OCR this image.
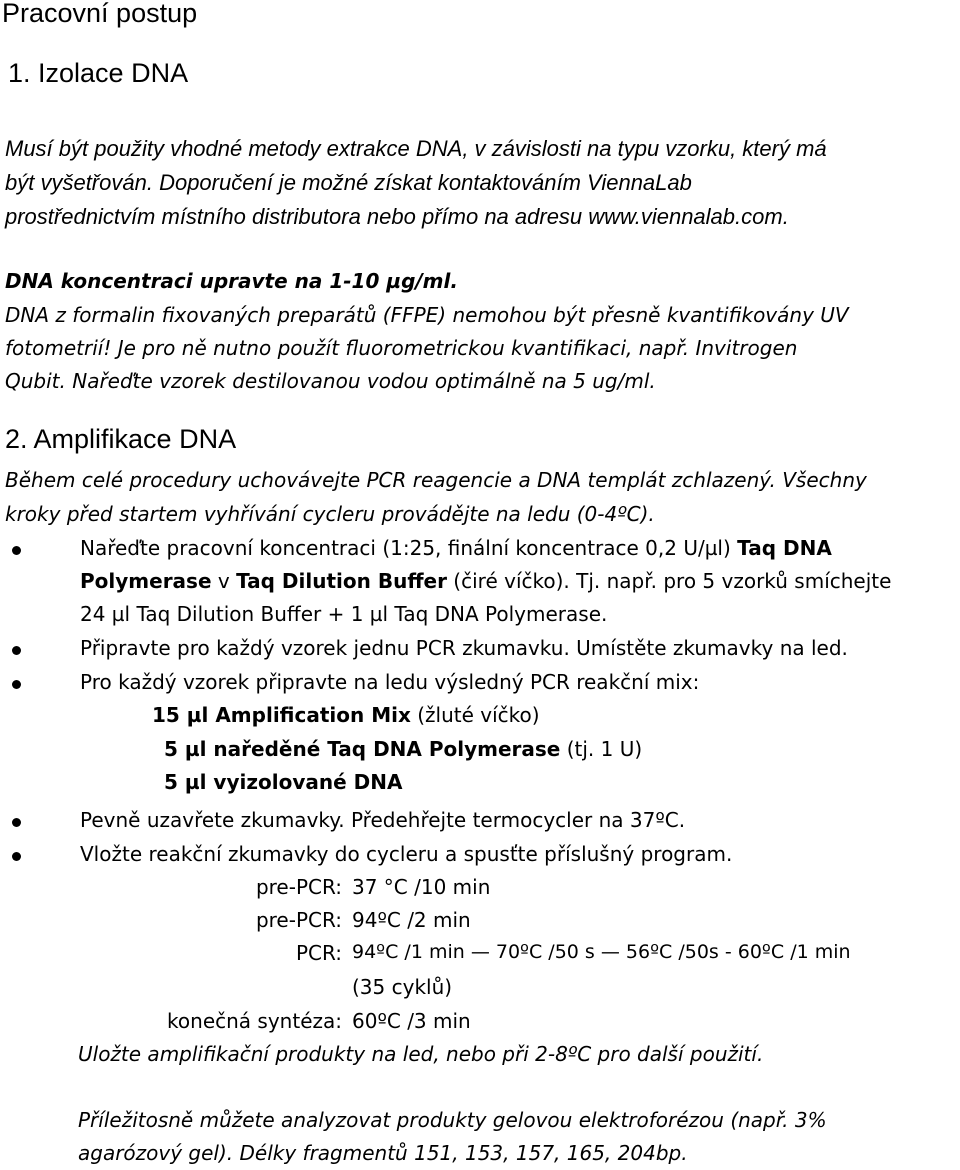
Pracovní postup
1. Izolace DNA
Musí být použity vhodné metody extrakce DNA, v závislosti na typu vzorku, který má
být vyšetřován. Doporučení je možné získat kontaktováním ViennaLab
prostřednictvím místního distributora nebo přímo na adresu www.viennalab.com.
DNA koncentraci upravte na 1-10 µg/ml.
DNA z formalin fixovaných preparátů (FFPE) nemohou být přesně kvantifikovány UV
fotometrií! Je pro ně nutno použít fluorometrickou kvantifikaci, např. Invitrogen
Qubit. Nařeďte vzorek destilovanou vodou optimálně na 5 ug/ml.
2. Amplifikace DNA
Během celé procedury uchovávejte PCR reagencie a DNA templát zchlazený. Všechny
kroky před startem vyhřívání cycleru provádějte na ledu (0-4ºC).
Nařeďte pracovní koncentraci (1:25, finální koncentrace 0,2 U/µl) Taq DNA
Polymerase v Taq Dilution Buffer (čiré víčko). Tj. např. pro 5 vzorků smíchejte
24 µl Taq Dilution Buffer + 1 µl Taq DNA Polymerase.
Připravte pro každý vzorek jednu PCR zkumavku. Umístěte zkumavky na led.
Pro každý vzorek připravte na ledu výsledný PCR reakční mix:
15 µl Amplification Mix (žluté víčko)
5 µl naředěné Taq DNA Polymerase (tj. 1 U)
5 µl vyizolované DNA
Pevně uzavřete zkumavky. Předehřejte termocycler na 37ºC.
Vložte reakční zkumavky do cycleru a spusťte příslušný program.
pre-PCR: 37 °C /10 min
pre-PCR: 94ºC /2 min
PCR: 94ºC /1 min — 70ºC /50 s — 56ºC /50s - 60ºC /1 min
(35 cyklů)
konečná syntéza: 60ºC /3 min
Uložte amplifikační produkty na led, nebo při 2-8ºC pro další použití.
Příležitosně můžete analyzovat produkty gelovou elektroforézou (např. 3%
agarózový gel). Délky fragmentů 151, 153, 157, 165, 204bp.
